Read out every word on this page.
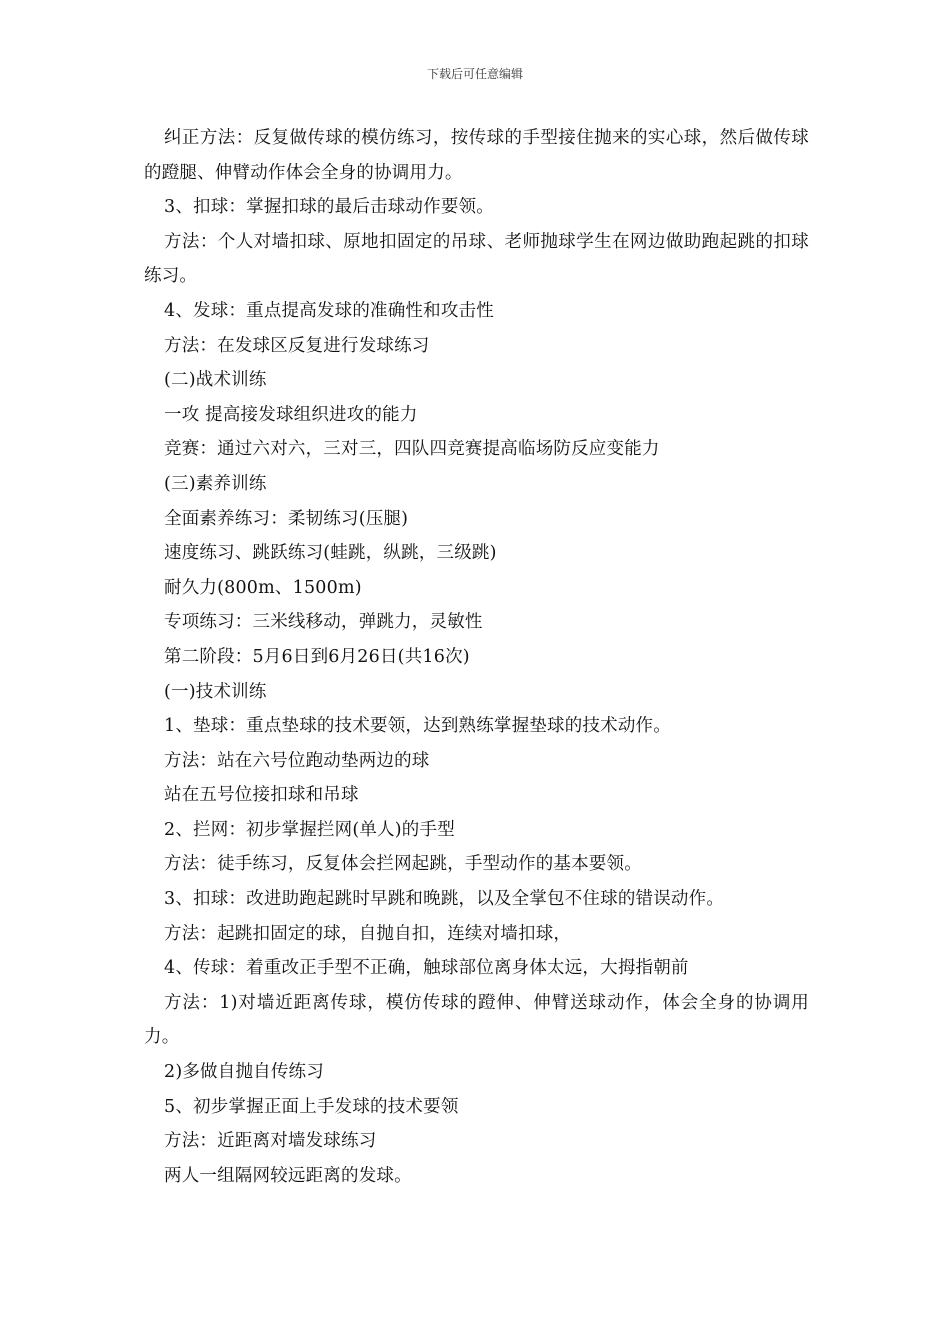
下载后可任意编辑

纠正方法：反复做传球的模仿练习，按传球的手型接住抛来的实心球，然后做传球的蹬腿、伸臂动作体会全身的协调用力。

3、扣球：掌握扣球的最后击球动作要领。

方法：个人对墙扣球、原地扣固定的吊球、老师抛球学生在网边做助跑起跳的扣球练习。

4、发球：重点提高发球的准确性和攻击性

方法：在发球区反复进行发球练习

(二)战术训练

一攻 提高接发球组织进攻的能力

竞赛：通过六对六，三对三，四队四竞赛提高临场防反应变能力

(三)素养训练

全面素养练习：柔韧练习(压腿)

速度练习、跳跃练习(蛙跳，纵跳，三级跳)

耐久力(800m、1500m)

专项练习：三米线移动，弹跳力，灵敏性

第二阶段：5月6日到6月26日(共16次)

(一)技术训练

1、垫球：重点垫球的技术要领，达到熟练掌握垫球的技术动作。

方法：站在六号位跑动垫两边的球

站在五号位接扣球和吊球

2、拦网：初步掌握拦网(单人)的手型

方法：徒手练习，反复体会拦网起跳，手型动作的基本要领。

3、扣球：改进助跑起跳时早跳和晚跳，以及全掌包不住球的错误动作。

方法：起跳扣固定的球，自抛自扣，连续对墙扣球，

4、传球：着重改正手型不正确，触球部位离身体太远，大拇指朝前

方法：1)对墙近距离传球，模仿传球的蹬伸、伸臂送球动作，体会全身的协调用力。

2)多做自抛自传练习

5、初步掌握正面上手发球的技术要领

方法：近距离对墙发球练习

两人一组隔网较远距离的发球。
